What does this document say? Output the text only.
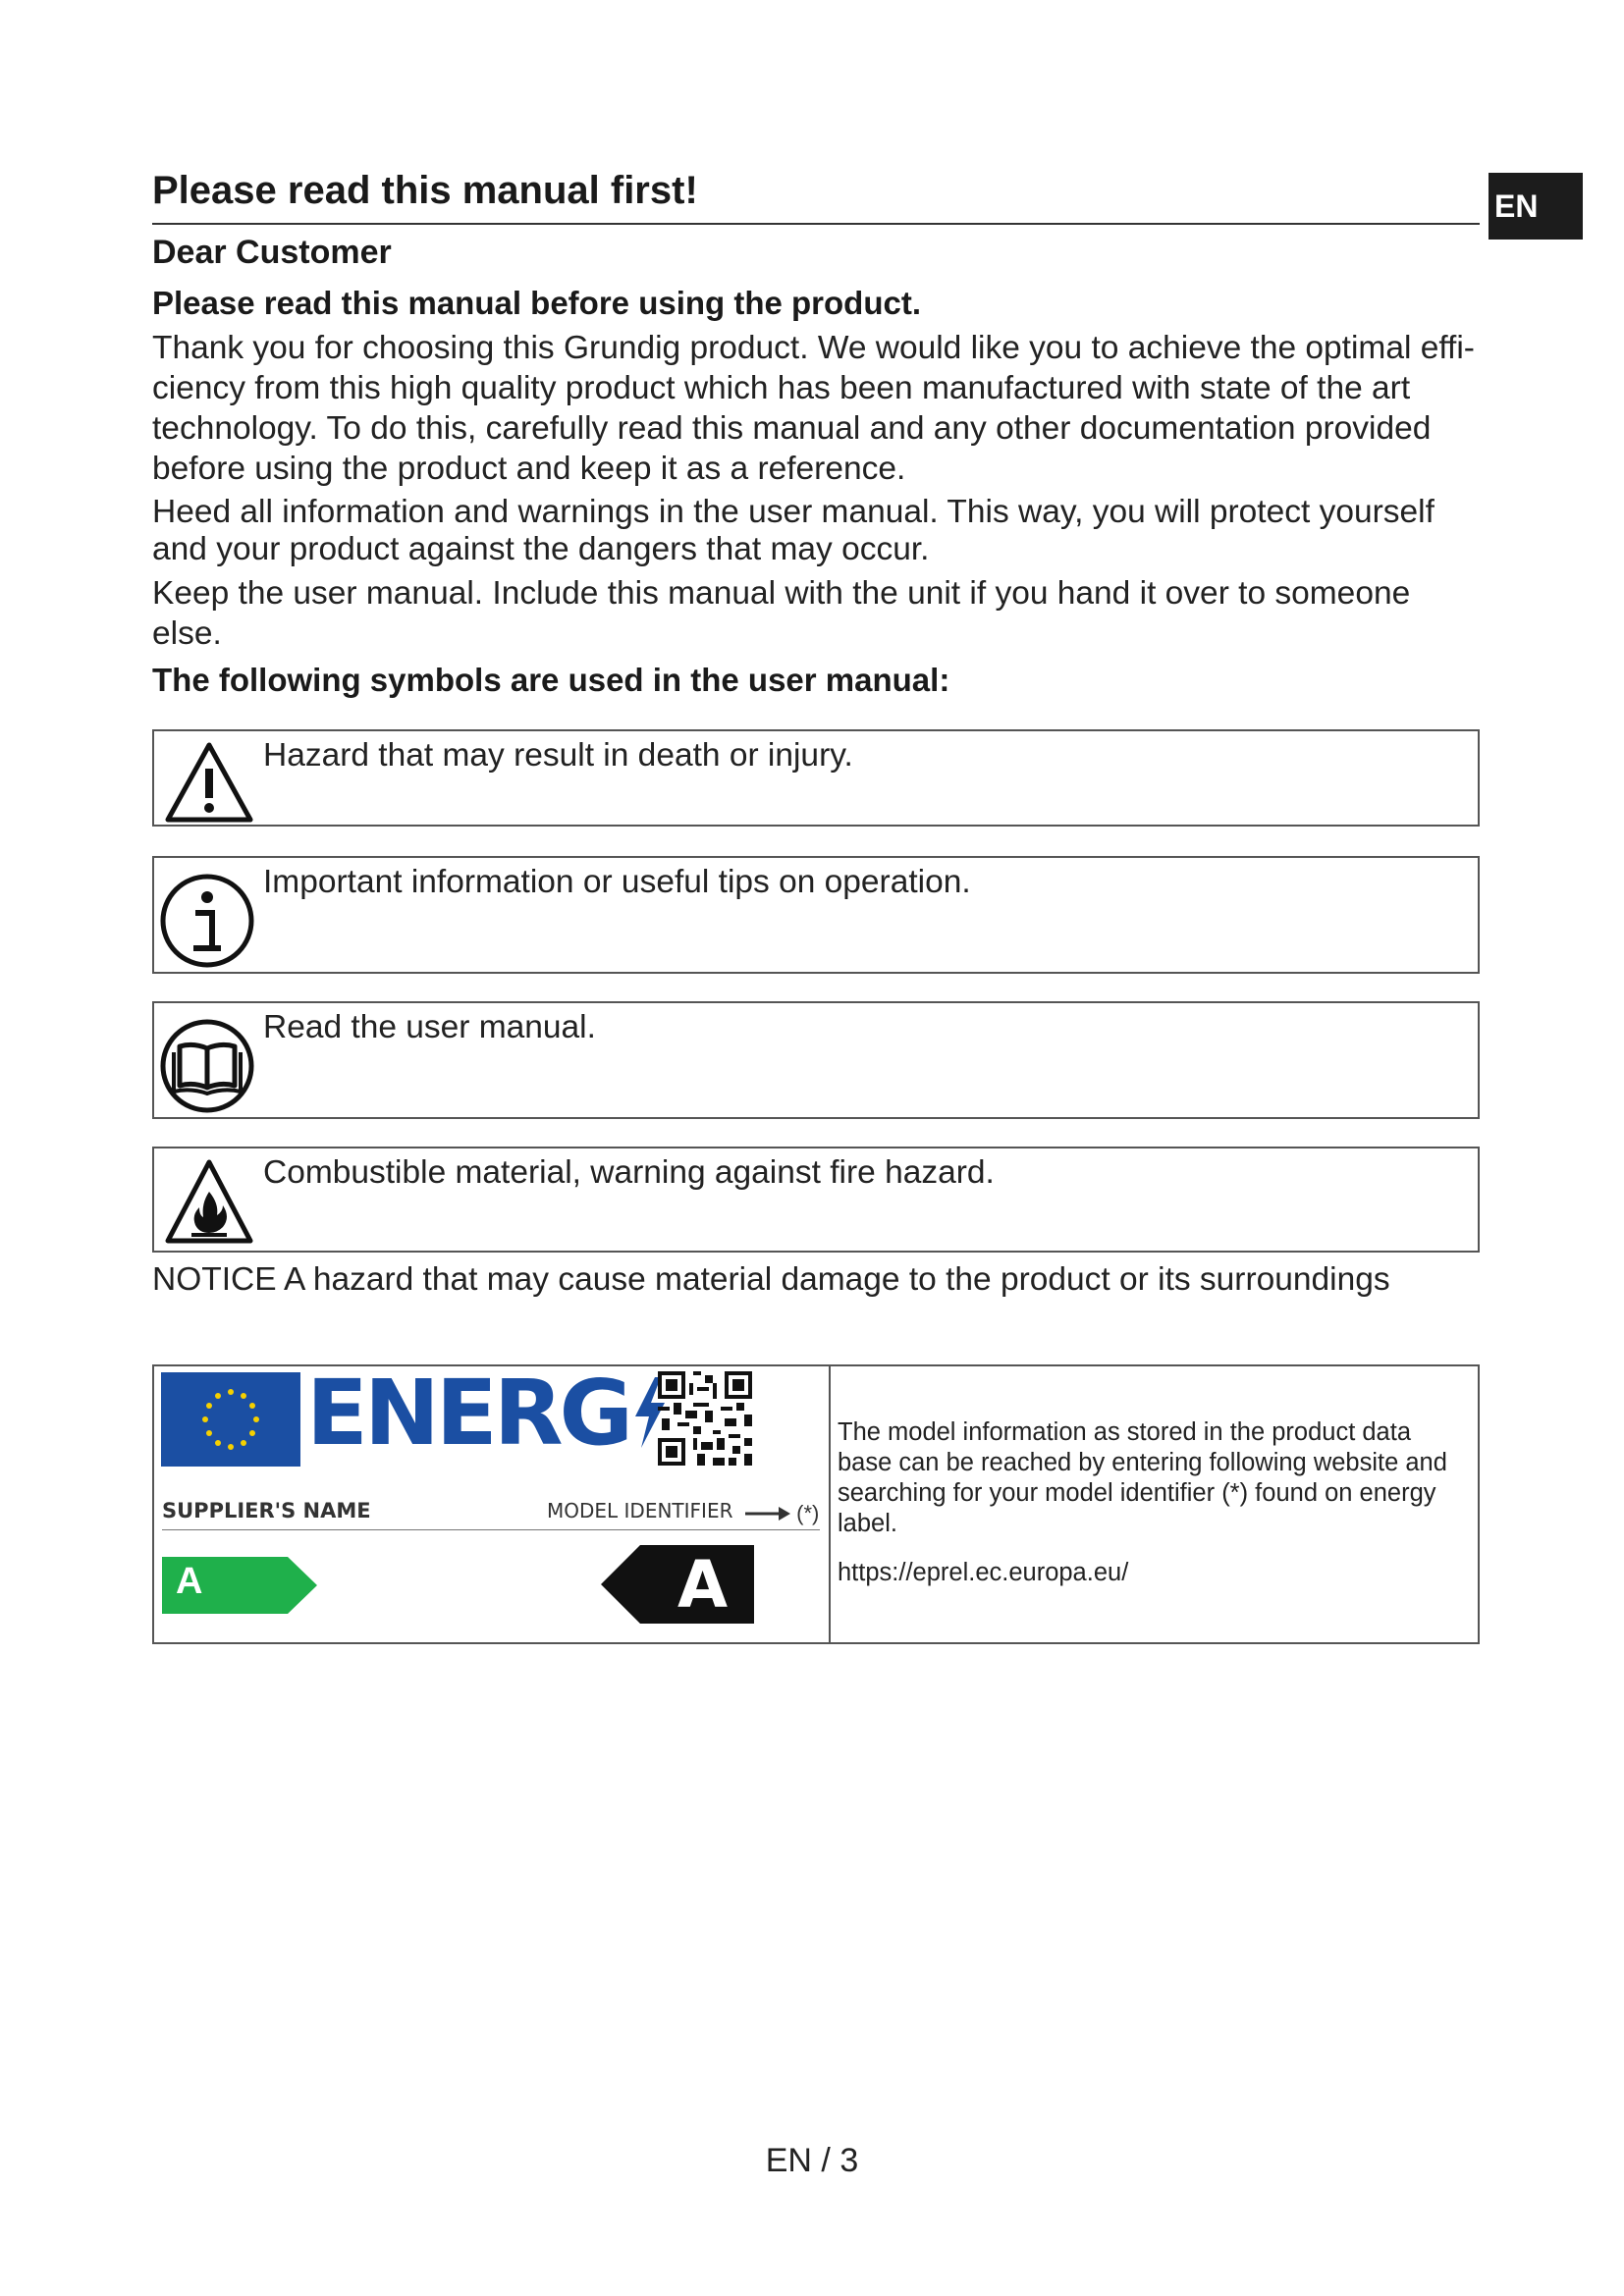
EN
Please read this manual first!
Dear Customer
Please read this manual before using the product.
Thank you for choosing this Grundig product. We would like you to achieve the optimal effi-ciency from this high quality product which has been manufactured with state of the art technology. To do this, carefully read this manual and any other documentation provided before using the product and keep it as a reference.
Heed all information and warnings in the user manual. This way, you will protect yourself and your product against the dangers that may occur.
Keep the user manual. Include this manual with the unit if you hand it over to someone else.
The following symbols are used in the user manual:
Hazard that may result in death or injury.
Important information or useful tips on operation.
Read the user manual.
Combustible material, warning against fire hazard.
NOTICE A hazard that may cause material damage to the product or its surroundings
ENERG
SUPPLIER'S NAME	MODEL IDENTIFIER	(*)
A	A
The model information as stored in the product data base can be reached by entering following website and searching for your model identifier (*) found on energy label.
https://eprel.ec.europa.eu/
EN / 3
